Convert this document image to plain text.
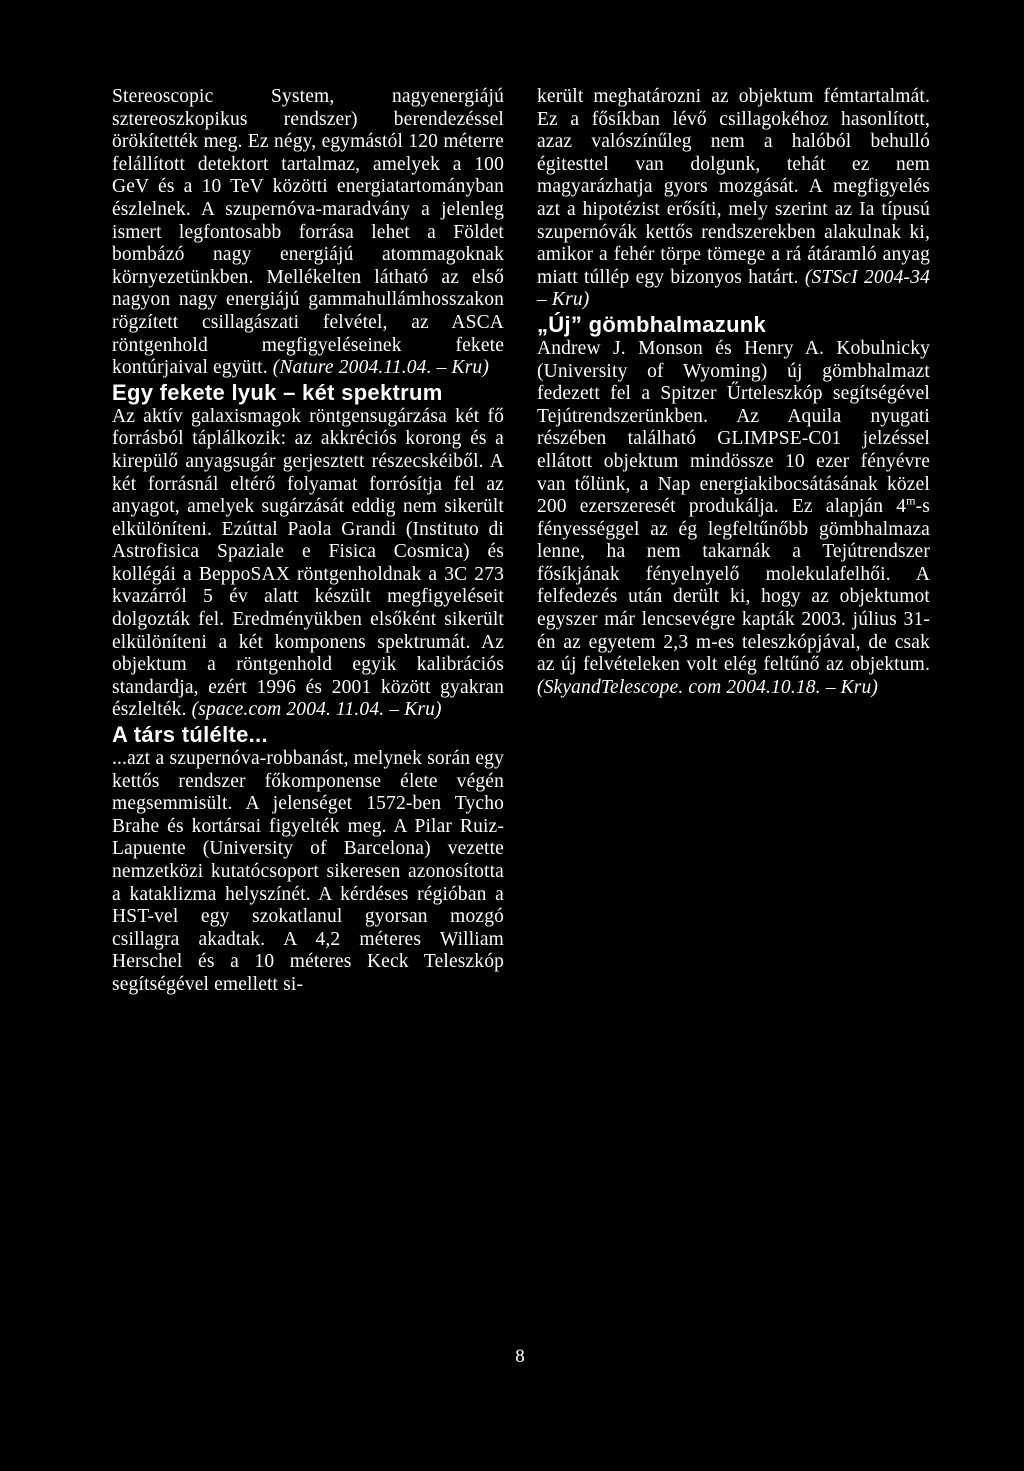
Stereoscopic System, nagyenergiájú sztereoszkopikus rendszer) berendezéssel örökítették meg. Ez négy, egymástól 120 méterre felállított detektort tartalmaz, amelyek a 100 GeV és a 10 TeV közötti energiatartományban észlelnek. A szupernóva-maradvány a jelenleg ismert legfontosabb forrása lehet a Földet bombázó nagy energiájú atommagoknak környezetünkben. Mellékelten látható az első nagyon nagy energiájú gammahullámhosszakon rögzített csillagászati felvétel, az ASCA röntgenhold megfigyeléseinek fekete kontúrjaival együtt. (Nature 2004.11.04. – Kru)

Egy fekete lyuk – két spektrum

Az aktív galaxismagok röntgensugárzása két fő forrásból táplálkozik: az akkréciós korong és a kirepülő anyagsugár gerjesztett részecskéiből. A két forrásnál eltérő folyamat forrósítja fel az anyagot, amelyek sugárzását eddig nem sikerült elkülöníteni. Ezúttal Paola Grandi (Instituto di Astrofisica Spaziale e Fisica Cosmica) és kollégái a BeppoSAX röntgenholdnak a 3C 273 kvazárról 5 év alatt készült megfigyeléseit dolgozták fel. Eredményükben elsőként sikerült elkülöníteni a két komponens spektrumát. Az objektum a röntgenhold egyik kalibrációs standardja, ezért 1996 és 2001 között gyakran észlelték. (space.com 2004. 11.04. – Kru)

A társ túlélte...

...azt a szupernóva-robbanást, melynek során egy kettős rendszer főkomponense élete végén megsemmisült. A jelenséget 1572-ben Tycho Brahe és kortársai figyelték meg. A Pilar Ruiz-Lapuente (University of Barcelona) vezette nemzetközi kutatócsoport sikeresen azonosította a kataklizma helyszínét. A kérdéses régióban a HST-vel egy szokatlanul gyorsan mozgó csillagra akadtak. A 4,2 méteres William Herschel és a 10 méteres Keck Teleszkóp segítségével emellett si-

került meghatározni az objektum fémtartalmát. Ez a fősíkban lévő csillagokéhoz hasonlított, azaz valószínűleg nem a halóból behulló égitesttel van dolgunk, tehát ez nem magyarázhatja gyors mozgását. A megfigyelés azt a hipotézist erősíti, mely szerint az Ia típusú szupernóvák kettős rendszerekben alakulnak ki, amikor a fehér törpe tömege a rá átáramló anyag miatt túllép egy bizonyos határt. (STScI 2004-34 – Kru)

„Új” gömbhalmazunk

Andrew J. Monson és Henry A. Kobulnicky (University of Wyoming) új gömbhalmazt fedezett fel a Spitzer Űrteleszkóp segítségével Tejútrendszerünkben. Az Aquila nyugati részében található GLIMPSE-C01 jelzéssel ellátott objektum mindössze 10 ezer fényévre van tőlünk, a Nap energiakibocsátásának közel 200 ezerszeresét produkálja. Ez alapján 4$^m$-s fényességgel az ég legfeltűnőbb gömbhalmaza lenne, ha nem takarnák a Tejútrendszer fősíkjának fényelnyelő molekulafelhői. A felfedezés után derült ki, hogy az objektumot egyszer már lencsevégre kapták 2003. július 31-én az egyetem 2,3 m-es teleszkópjával, de csak az új felvételeken volt elég feltűnő az objektum. (SkyandTelescope. com 2004.10.18. – Kru)

8
